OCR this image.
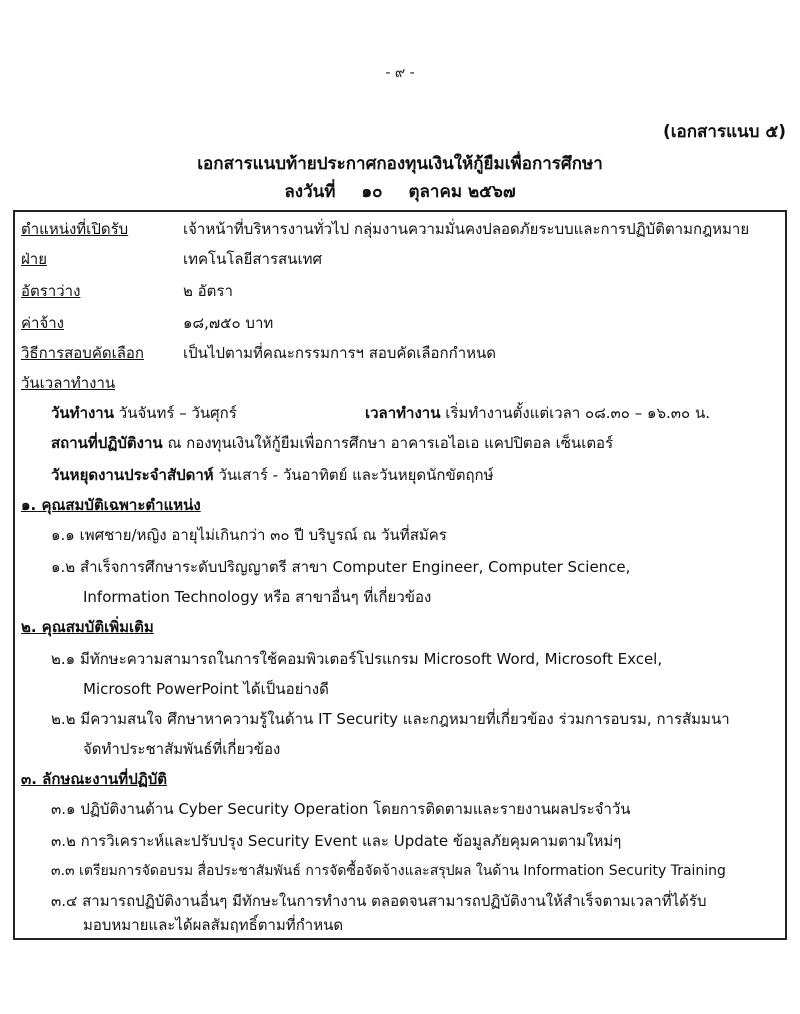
- ๙ -
(เอกสารแนบ ๕)
เอกสารแนบท้ายประกาศกองทุนเงินให้กู้ยืมเพื่อการศึกษา
ลงวันที่ ๑๐ ตุลาคม ๒๕๖๗
ตำแหน่งที่เปิดรับ	เจ้าหน้าที่บริหารงานทั่วไป กลุ่มงานความมั่นคงปลอดภัยระบบและการปฏิบัติตามกฎหมาย
ฝ่าย	เทคโนโลยีสารสนเทศ
อัตราว่าง	๒ อัตรา
ค่าจ้าง	๑๘,๗๕๐ บาท
วิธีการสอบคัดเลือก	เป็นไปตามที่คณะกรรมการฯ สอบคัดเลือกกำหนด
วันเวลาทำงาน
วันทำงาน วันจันทร์ – วันศุกร์	เวลาทำงาน เริ่มทำงานตั้งแต่เวลา ๐๘.๓๐ – ๑๖.๓๐ น.
สถานที่ปฏิบัติงาน ณ กองทุนเงินให้กู้ยืมเพื่อการศึกษา อาคารเอไอเอ แคปปิตอล เซ็นเตอร์
วันหยุดงานประจำสัปดาห์ วันเสาร์ - วันอาทิตย์ และวันหยุดนักขัตฤกษ์
๑. คุณสมบัติเฉพาะตำแหน่ง
๑.๑ เพศชาย/หญิง อายุไม่เกินกว่า ๓๐ ปี บริบูรณ์ ณ วันที่สมัคร
๑.๒ สำเร็จการศึกษาระดับปริญญาตรี สาขา Computer Engineer, Computer Science,
Information Technology หรือ สาขาอื่นๆ ที่เกี่ยวข้อง
๒. คุณสมบัติเพิ่มเติม
๒.๑ มีทักษะความสามารถในการใช้คอมพิวเตอร์โปรแกรม Microsoft Word, Microsoft Excel,
Microsoft PowerPoint ได้เป็นอย่างดี
๒.๒ มีความสนใจ ศึกษาหาความรู้ในด้าน IT Security และกฎหมายที่เกี่ยวข้อง ร่วมการอบรม, การสัมมนา
จัดทำประชาสัมพันธ์ที่เกี่ยวข้อง
๓. ลักษณะงานที่ปฏิบัติ
๓.๑ ปฏิบัติงานด้าน Cyber Security Operation โดยการติดตามและรายงานผลประจำวัน
๓.๒ การวิเคราะห์และปรับปรุง Security Event และ Update ข้อมูลภัยคุมคามตามใหม่ๆ
๓.๓ เตรียมการจัดอบรม สื่อประชาสัมพันธ์ การจัดซื้อจัดจ้างและสรุปผล ในด้าน Information Security Training
๓.๔ สามารถปฏิบัติงานอื่นๆ มีทักษะในการทำงาน ตลอดจนสามารถปฏิบัติงานให้สำเร็จตามเวลาที่ได้รับ
มอบหมายและได้ผลสัมฤทธิ์ตามที่กำหนด
